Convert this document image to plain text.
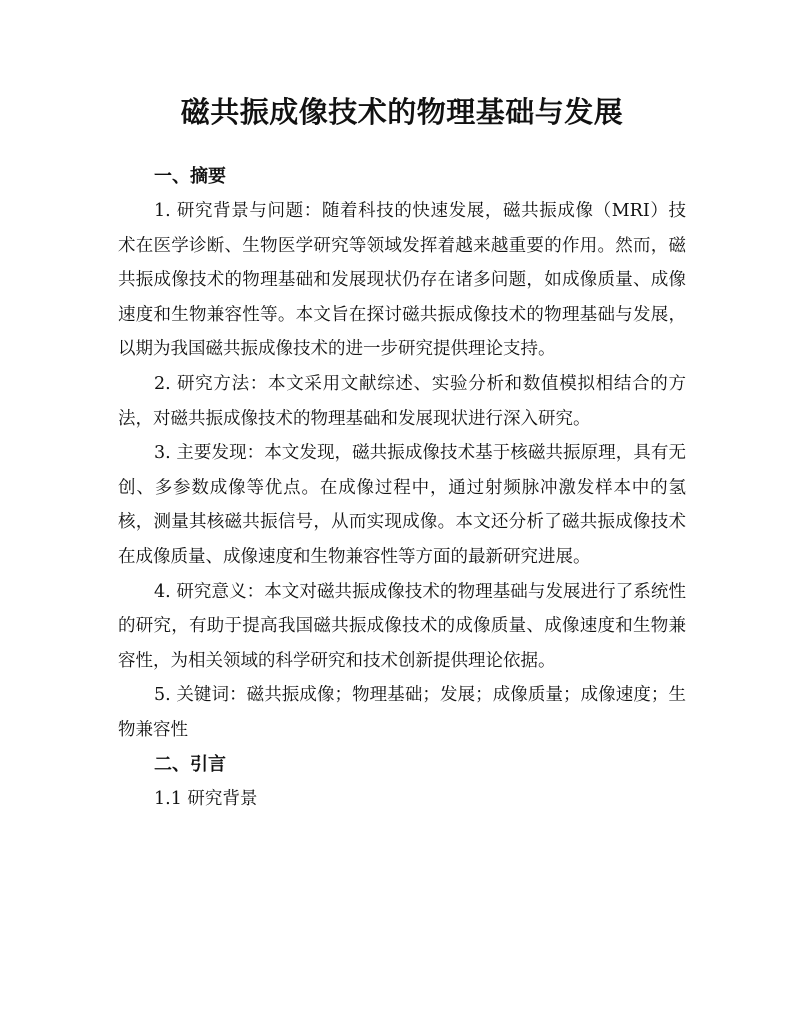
磁共振成像技术的物理基础与发展
一、摘要

1. 研究背景与问题：随着科技的快速发展，磁共振成像（MRI）技术在医学诊断、生物医学研究等领域发挥着越来越重要的作用。然而，磁共振成像技术的物理基础和发展现状仍存在诸多问题，如成像质量、成像速度和生物兼容性等。本文旨在探讨磁共振成像技术的物理基础与发展，以期为我国磁共振成像技术的进一步研究提供理论支持。

2. 研究方法：本文采用文献综述、实验分析和数值模拟相结合的方法，对磁共振成像技术的物理基础和发展现状进行深入研究。

3. 主要发现：本文发现，磁共振成像技术基于核磁共振原理，具有无创、多参数成像等优点。在成像过程中，通过射频脉冲激发样本中的氢核，测量其核磁共振信号，从而实现成像。本文还分析了磁共振成像技术在成像质量、成像速度和生物兼容性等方面的最新研究进展。

4. 研究意义：本文对磁共振成像技术的物理基础与发展进行了系统性的研究，有助于提高我国磁共振成像技术的成像质量、成像速度和生物兼容性，为相关领域的科学研究和技术创新提供理论依据。

5. 关键词：磁共振成像；物理基础；发展；成像质量；成像速度；生物兼容性

二、引言
1.1 研究背景
